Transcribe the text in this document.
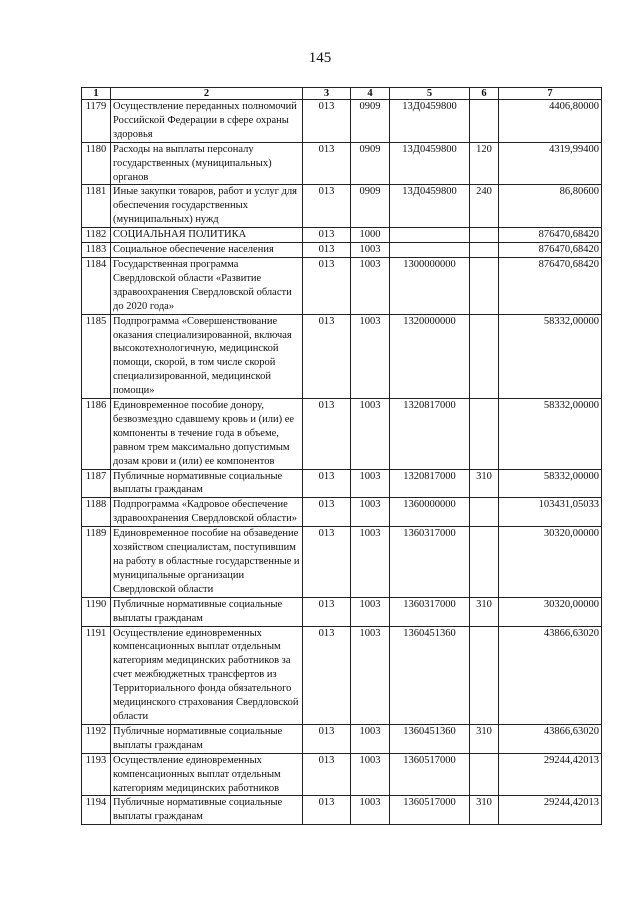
145
1	2	3	4	5	6	7
1179	Осуществление переданных полномочий Российской Федерации в сфере охраны здоровья	013	0909	13Д0459800		4406,80000
1180	Расходы на выплаты персоналу государственных (муниципальных) органов	013	0909	13Д0459800	120	4319,99400
1181	Иные закупки товаров, работ и услуг для обеспечения государственных (муниципальных) нужд	013	0909	13Д0459800	240	86,80600
1182	СОЦИАЛЬНАЯ ПОЛИТИКА	013	1000			876470,68420
1183	Социальное обеспечение населения	013	1003			876470,68420
1184	Государственная программа Свердловской области «Развитие здравоохранения Свердловской области до 2020 года»	013	1003	1300000000		876470,68420
1185	Подпрограмма «Совершенствование оказания специализированной, включая высокотехнологичную, медицинской помощи, скорой, в том числе скорой специализированной, медицинской помощи»	013	1003	1320000000		58332,00000
1186	Единовременное пособие донору, безвозмездно сдавшему кровь и (или) ее компоненты в течение года в объеме, равном трем максимально допустимым дозам крови и (или) ее компонентов	013	1003	1320817000		58332,00000
1187	Публичные нормативные социальные выплаты гражданам	013	1003	1320817000	310	58332,00000
1188	Подпрограмма «Кадровое обеспечение здравоохранения Свердловской области»	013	1003	1360000000		103431,05033
1189	Единовременное пособие на обзаведение хозяйством специалистам, поступившим на работу в областные государственные и муниципальные организации Свердловской области	013	1003	1360317000		30320,00000
1190	Публичные нормативные социальные выплаты гражданам	013	1003	1360317000	310	30320,00000
1191	Осуществление единовременных компенсационных выплат отдельным категориям медицинских работников за счет межбюджетных трансфертов из Территориального фонда обязательного медицинского страхования Свердловской области	013	1003	1360451360		43866,63020
1192	Публичные нормативные социальные выплаты гражданам	013	1003	1360451360	310	43866,63020
1193	Осуществление единовременных компенсационных выплат отдельным категориям медицинских работников	013	1003	1360517000		29244,42013
1194	Публичные нормативные социальные выплаты гражданам	013	1003	1360517000	310	29244,42013
